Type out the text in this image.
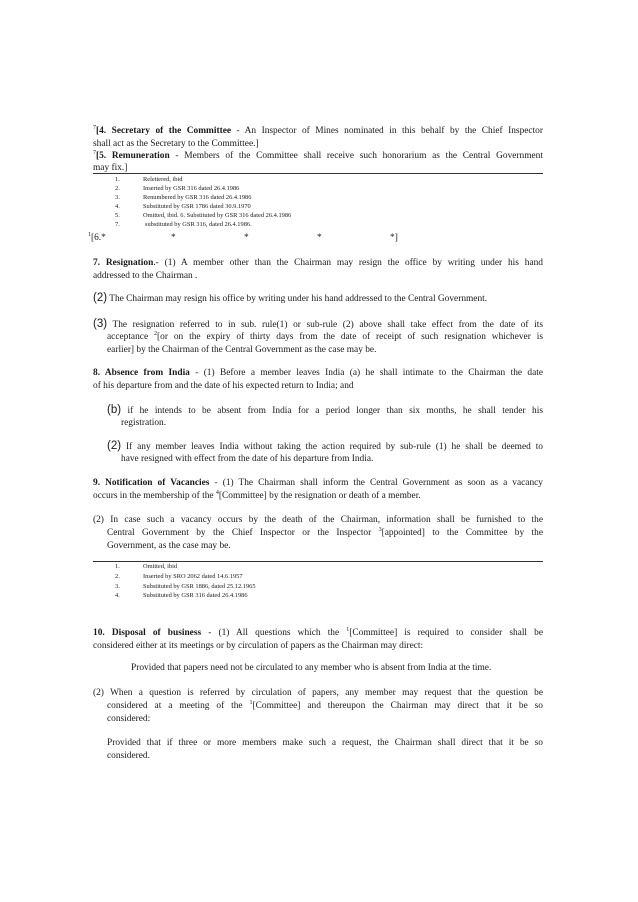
$^7$[4. Secretary of the Committee - An Inspector of Mines nominated in this behalf by the Chief Inspector
shall act as the Secretary to the Committee.]
$^7$[5. Remuneration - Members of the Committee shall receive such honorarium as the Central Government
may fix.]
1.	Relettered, ibid
2.	Inserted by GSR 316 dated 26.4.1986
3.	Renumbered by GSR 316 dated 26.4.1986
4.	Substituted by GSR 1786 dated 30.9.1970
5.	Omitted, ibid. 6. Substituted by GSR 316 dated 26.4.1986
7.	substituted by GSR 316, dated 26.4.1986.
$^1$[6.*	*	*	*	*]
7. Resignation.- (1) A member other than the Chairman may resign the office by writing under his hand
addressed to the Chairman .
(2) The Chairman may resign his office by writing under his hand addressed to the Central Government.
(3) The resignation referred to in sub. rule(1) or sub-rule (2) above shall take effect from the date of its
acceptance $^2$[or on the expiry of thirty days from the date of receipt of such resignation whichever is
earlier] by the Chairman of the Central Government as the case may be.
8. Absence from India - (1) Before a member leaves India (a) he shall intimate to the Chairman the date
of his departure from and the date of his expected return to India; and
(b) if he intends to be absent from India for a period longer than six months, he shall tender his
registration.
(2) If any member leaves India without taking the action required by sub-rule (1) he shall be deemed to
have resigned with effect from the date of his departure from India.
9. Notification of Vacancies - (1) The Chairman shall inform the Central Government as soon as a vacancy
occurs in the membership of the $^4$[Committee] by the resignation or death of a member.
(2) In case such a vacancy occurs by the death of the Chairman, information shall be furnished to the
Central Government by the Chief Inspector or the Inspector $^3$[appointed] to the Committee by the
Government, as the case may be.
1.	Omitted, ibid
2.	Inserted by SRO 2062 dated 14.6.1957
3.	Substituted by GSR 1886, dated 25.12.1965
4.	Substituted by GSR 316 dated 26.4.1986
10. Disposal of business - (1) All questions which the $^1$[Committee] is required to consider shall be
considered either at its meetings or by circulation of papers as the Chairman may direct:
Provided that papers need not be circulated to any member who is absent from India at the time.
(2) When a question is referred by circulation of papers, any member may request that the question be
considered at a meeting of the $^1$[Committee] and thereupon the Chairman may direct that it be so
considered:
Provided that if three or more members make such a request, the Chairman shall direct that it be so
considered.
